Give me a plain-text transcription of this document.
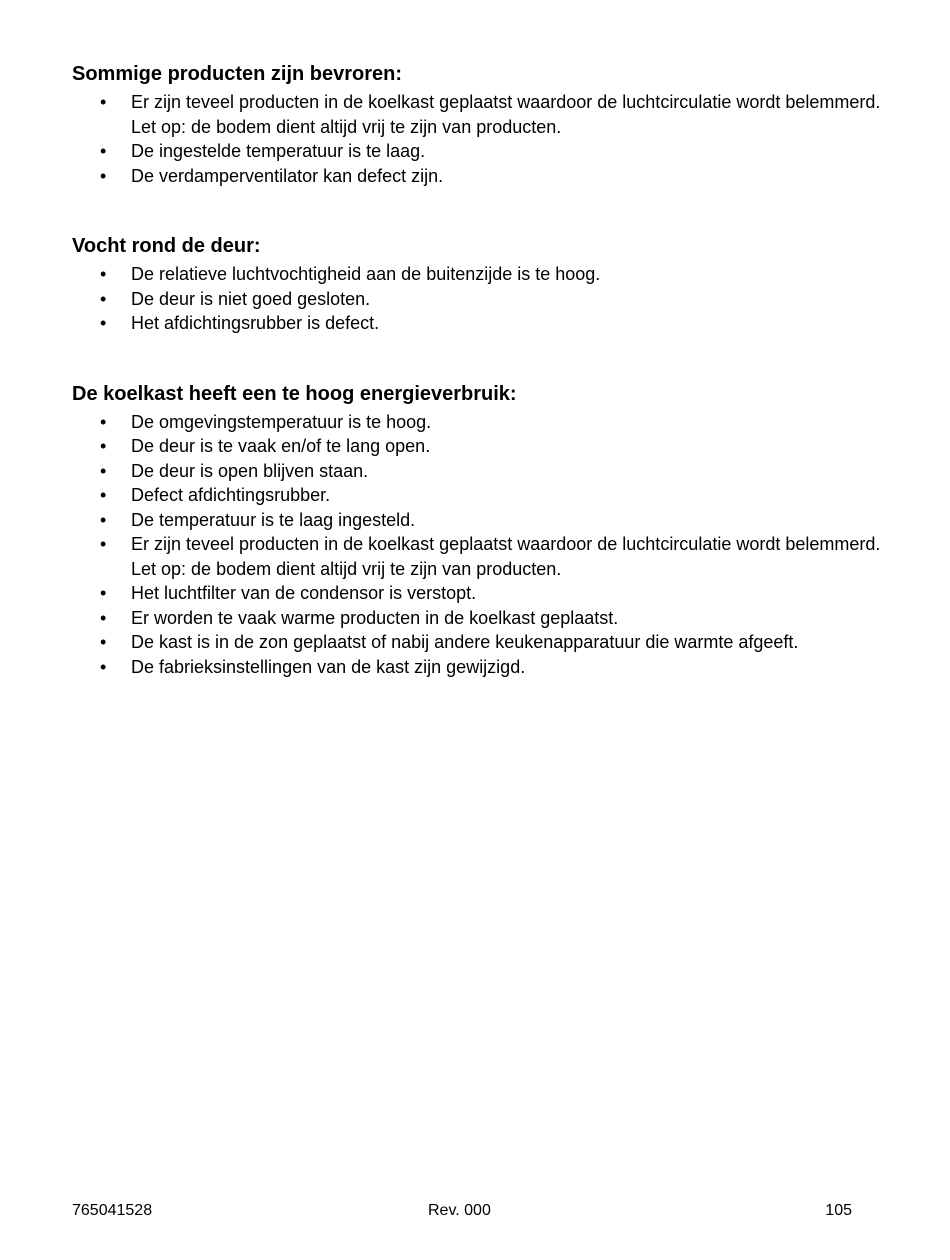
Sommige producten zijn bevroren:
• Er zijn teveel producten in de koelkast geplaatst waardoor de luchtcirculatie wordt belemmerd. Let op: de bodem dient altijd vrij te zijn van producten.
• De ingestelde temperatuur is te laag.
• De verdamperventilator kan defect zijn.
Vocht rond de deur:
• De relatieve luchtvochtigheid aan de buitenzijde is te hoog.
• De deur is niet goed gesloten.
• Het afdichtingsrubber is defect.
De koelkast heeft een te hoog energieverbruik:
• De omgevingstemperatuur is te hoog.
• De deur is te vaak en/of te lang open.
• De deur is open blijven staan.
• Defect afdichtingsrubber.
• De temperatuur is te laag ingesteld.
• Er zijn teveel producten in de koelkast geplaatst waardoor de luchtcirculatie wordt belemmerd. Let op: de bodem dient altijd vrij te zijn van producten.
• Het luchtfilter van de condensor is verstopt.
• Er worden te vaak warme producten in de koelkast geplaatst.
• De kast is in de zon geplaatst of nabij andere keukenapparatuur die warmte afgeeft.
• De fabrieksinstellingen van de kast zijn gewijzigd.
765041528	Rev. 000	105
